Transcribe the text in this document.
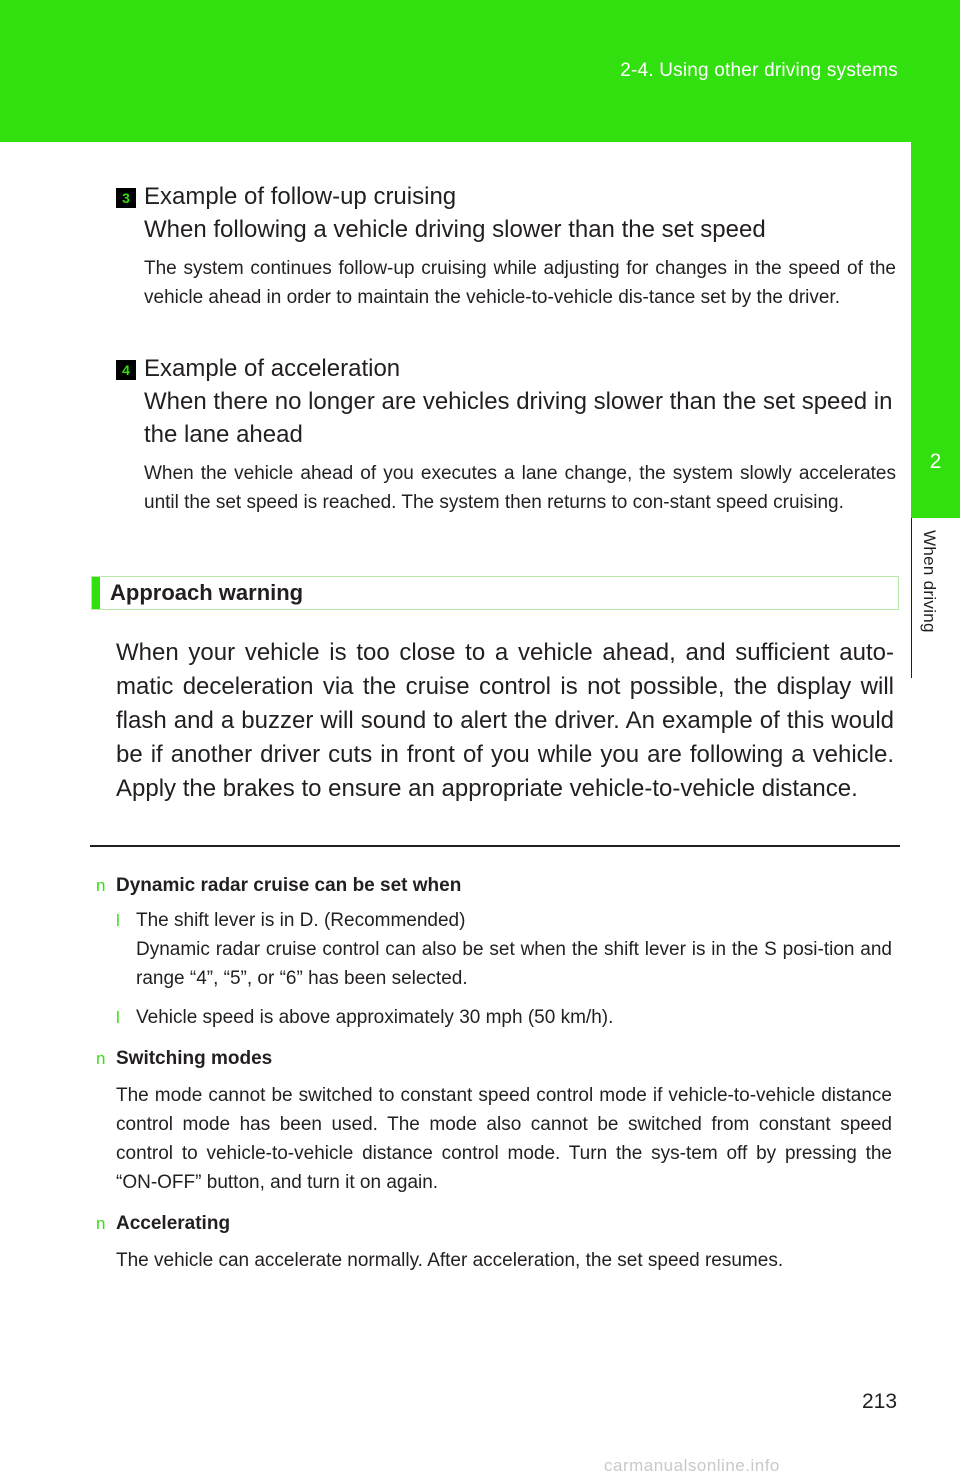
2-4. Using other driving systems
2
When driving
3 Example of follow-up cruising
When following a vehicle driving slower than the set speed
The system continues follow-up cruising while adjusting for changes in the speed of the vehicle ahead in order to maintain the vehicle-to-vehicle dis-tance set by the driver.
4 Example of acceleration
When there no longer are vehicles driving slower than the set speed in the lane ahead
When the vehicle ahead of you executes a lane change, the system slowly accelerates until the set speed is reached. The system then returns to con-stant speed cruising.
Approach warning
When your vehicle is too close to a vehicle ahead, and sufficient auto-matic deceleration via the cruise control is not possible, the display will flash and a buzzer will sound to alert the driver. An example of this would be if another driver cuts in front of you while you are following a vehicle. Apply the brakes to ensure an appropriate vehicle-to-vehicle distance.
n Dynamic radar cruise can be set when
l The shift lever is in D. (Recommended)
Dynamic radar cruise control can also be set when the shift lever is in the S posi-tion and range “4”, “5”, or “6” has been selected.
l Vehicle speed is above approximately 30 mph (50 km/h).
n Switching modes
The mode cannot be switched to constant speed control mode if vehicle-to-vehicle distance control mode has been used. The mode also cannot be switched from constant speed control to vehicle-to-vehicle distance control mode. Turn the sys-tem off by pressing the “ON-OFF” button, and turn it on again.
n Accelerating
The vehicle can accelerate normally. After acceleration, the set speed resumes.
213
carmanualsonline.info
